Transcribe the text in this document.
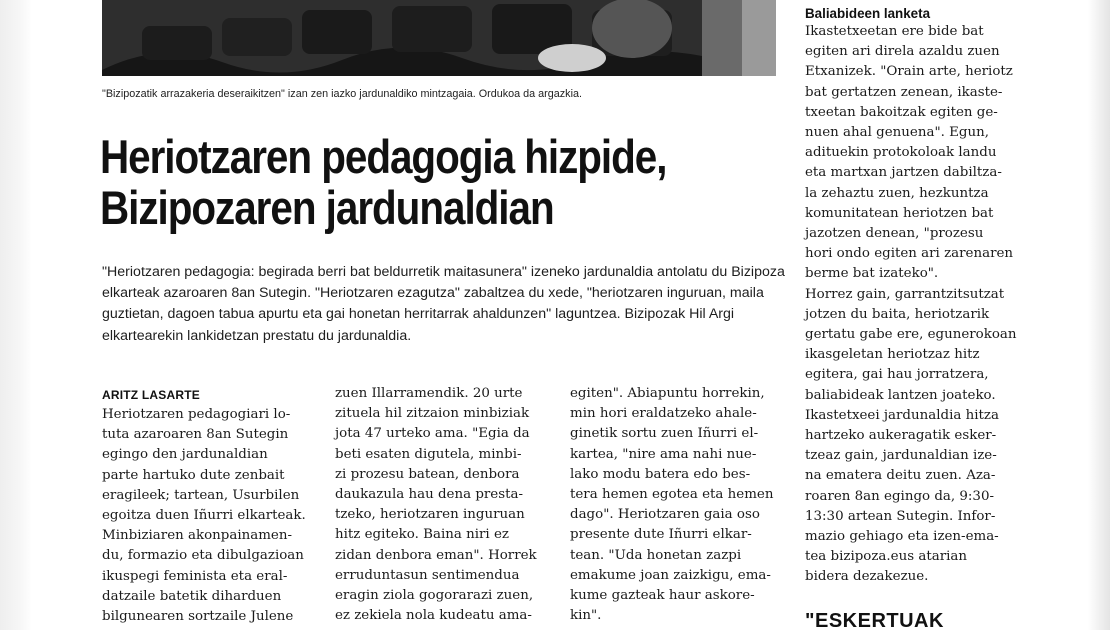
"Bizipozatik arrazakeria deseraikitzen" izan zen iazko jardunaldiko mintzagaia. Ordukoa da argazkia.
Heriotzaren pedagogia hizpide,
Bizipozaren jardunaldian

"Heriotzaren pedagogia: begirada berri bat beldurretik maitasunera" izeneko jardunaldia antolatu du Bizipoza elkarteak azaroaren 8an Sutegin. "Heriotzaren ezagutza" zabaltzea du xede, "heriotzaren inguruan, maila guztietan, dagoen tabua apurtu eta gai honetan herritarrak ahaldunzen" laguntzea. Bizipozak Hil Argi elkartearekin lankidetzan prestatu du jardunaldia.

ARITZ LASARTE
Heriotzaren pedagogiari lo-
tuta azaroaren 8an Sutegin
egingo den jardunaldian
parte hartuko dute zenbait
eragileek; tartean, Usurbilen
egoitza duen Iñurri elkarteak.
Minbiziaren akonpainamen-
du, formazio eta dibulgazioan
ikuspegi feminista eta eral-
datzaile batetik diharduen
bilgunearen sortzaile Julene
zuen Illarramendik. 20 urte
zituela hil zitzaion minbiziak
jota 47 urteko ama. "Egia da
beti esaten digutela, minbi-
zi prozesu batean, denbora
daukazula hau dena presta-
tzeko, heriotzaren inguruan
hitz egiteko. Baina niri ez
zidan denbora eman". Horrek
erruduntasun sentimendua
eragin ziola gogorarazi zuen,
ez zekiela nola kudeatu ama-
egiten". Abiapuntu horrekin,
min hori eraldatzeko ahale-
ginetik sortu zuen Iñurri el-
kartea, "nire ama nahi nue-
lako modu batera edo bes-
tera hemen egotea eta hemen
dago". Heriotzaren gaia oso
presente dute Iñurri elkar-
tean. "Uda honetan zazpi
emakume joan zaizkigu, ema-
kume gazteak haur askore-
kin".
Baliabideen lanketa
Ikastetxeetan ere bide bat
egiten ari direla azaldu zuen
Etxanizek. "Orain arte, heriotz
bat gertatzen zenean, ikaste-
txeetan bakoitzak egiten ge-
nuen ahal genuena". Egun,
adituekin protokoloak landu
eta martxan jartzen dabiltza-
la zehaztu zuen, hezkuntza
komunitatean heriotzen bat
jazotzen denean, "prozesu
hori ondo egiten ari zarenaren
berme bat izateko".
Horrez gain, garrantzitsutzat
jotzen du baita, heriotzarik
gertatu gabe ere, egunerokoan
ikasgeletan heriotzaz hitz
egitera, gai hau jorratzera,
baliabideak lantzen joateko.
Ikastetxeei jardunaldia hitza
hartzeko aukeragatik esker-
tzeaz gain, jardunaldian ize-
na ematera deitu zuen. Aza-
roaren 8an egingo da, 9:30-
13:30 artean Sutegin. Infor-
mazio gehiago eta izen-ema-
tea bizipoza.eus atarian
bidera dezakezue.
"ESKERTUAK
